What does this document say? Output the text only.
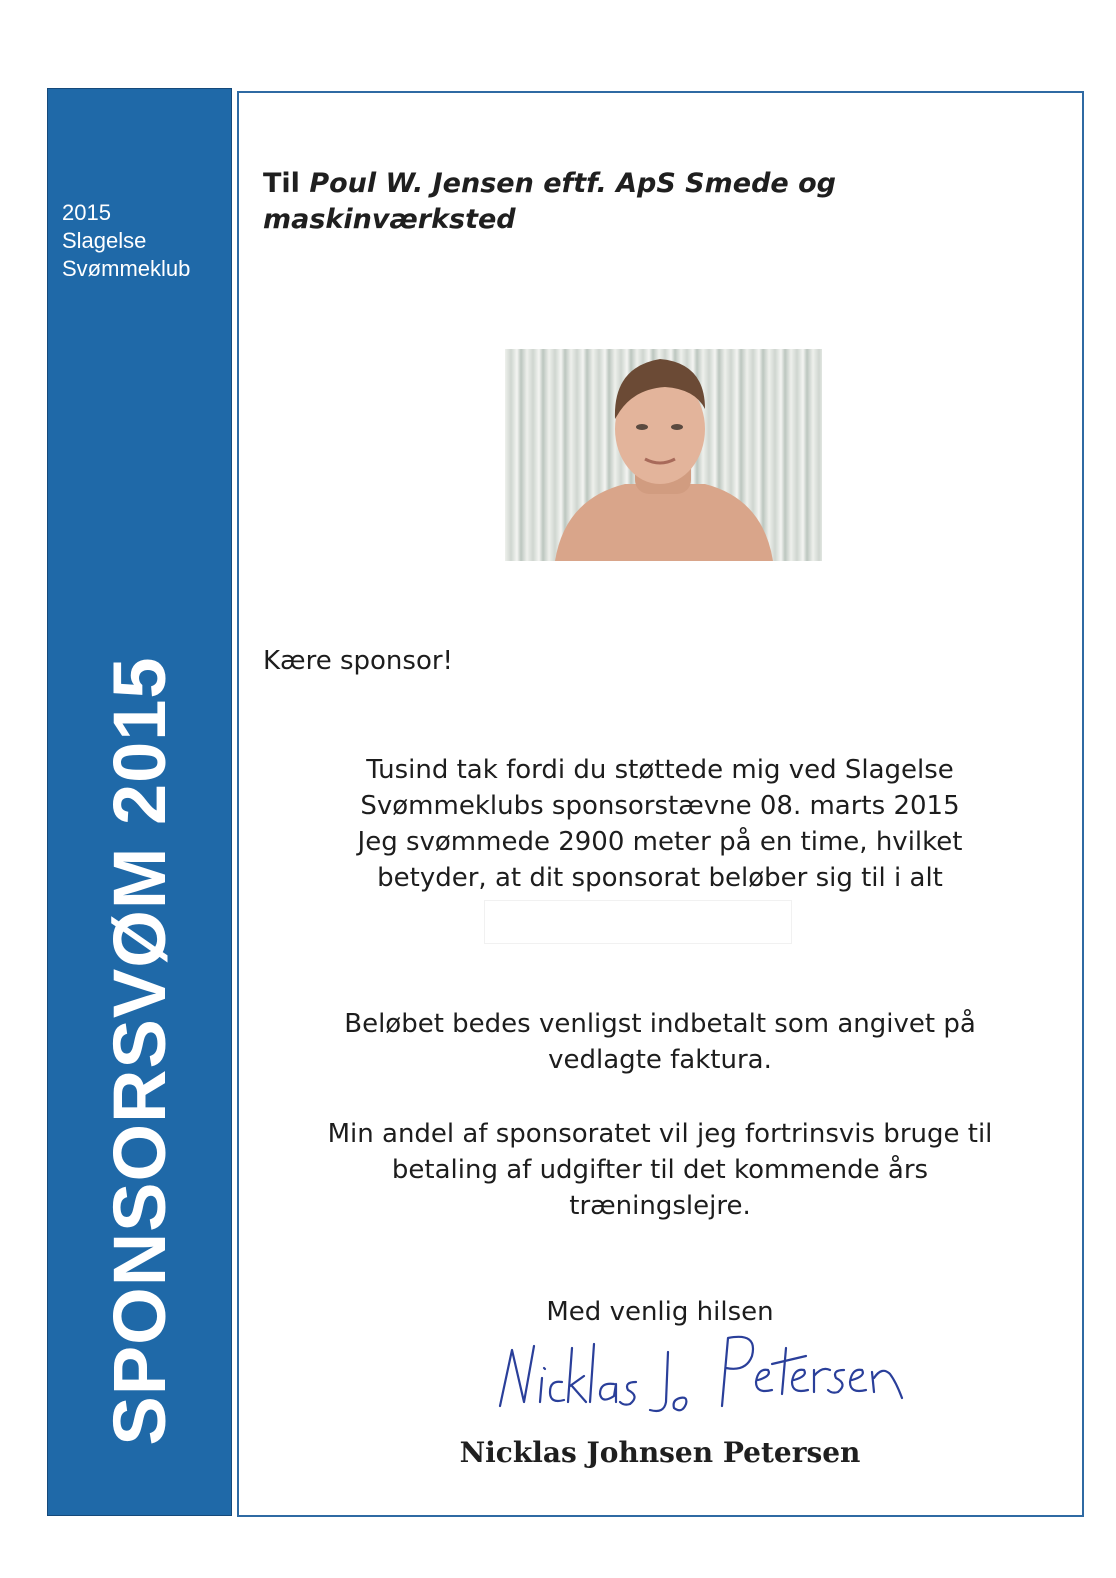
2015
Slagelse
Svømmeklub
SPONSORSVØM 2015
Til Poul W. Jensen eftf. ApS Smede og
maskinværksted
Kære sponsor!
Tusind tak fordi du støttede mig ved Slagelse
Svømmeklubs sponsorstævne 08. marts 2015
Jeg svømmede 2900 meter på en time, hvilket
betyder, at dit sponsorat beløber sig til i alt
Beløbet bedes venligst indbetalt som angivet på
vedlagte faktura.
Min andel af sponsoratet vil jeg fortrinsvis bruge til
betaling af udgifter til det kommende års
træningslejre.
Med venlig hilsen
Nicklas Johnsen Petersen
